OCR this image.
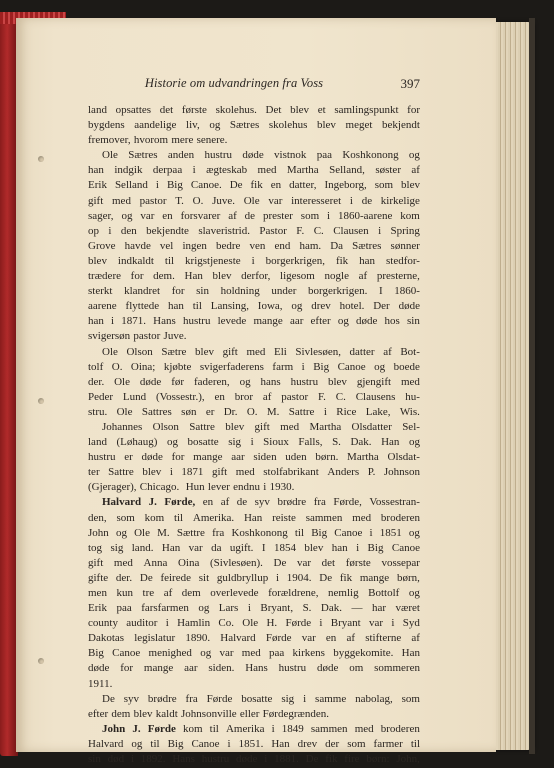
Historie om udvandringen fra Voss	397
land opsattes det første skolehus. Det blev et samlingspunkt for
bygdens aandelige liv, og Sætres skolehus blev meget bekjendt
fremover, hvorom mere senere.
Ole Sætres anden hustru døde vistnok paa Koshkonong og
han indgik derpaa i ægteskab med Martha Selland, søster af
Erik Selland i Big Canoe. De fik en datter, Ingeborg, som blev
gift med pastor T. O. Juve. Ole var interesseret i de kirkelige
sager, og var en forsvarer af de prester som i 1860-aarene kom
op i den bekjendte slaveristrid. Pastor F. C. Clausen i Spring
Grove havde vel ingen bedre ven end ham. Da Sætres sønner
blev indkaldt til krigstjeneste i borgerkrigen, fik han stedfor-
trædere for dem. Han blev derfor, ligesom nogle af presterne,
sterkt klandret for sin holdning under borgerkrigen. I 1860-
aarene flyttede han til Lansing, Iowa, og drev hotel. Der døde
han i 1871. Hans hustru levede mange aar efter og døde hos sin
svigersøn pastor Juve.
Ole Olson Sætre blev gift med Eli Sivlesøen, datter af Bot-
tolf O. Oina; kjøbte svigerfaderens farm i Big Canoe og boede
der. Ole døde før faderen, og hans hustru blev gjengift med
Peder Lund (Vossestr.), en bror af pastor F. C. Clausens hu-
stru. Ole Sattres søn er Dr. O. M. Sattre i Rice Lake, Wis.
Johannes Olson Sattre blev gift med Martha Olsdatter Sel-
land (Løhaug) og bosatte sig i Sioux Falls, S. Dak. Han og
hustru er døde for mange aar siden uden børn. Martha Olsdat-
ter Sattre blev i 1871 gift med stolfabrikant Anders P. Johnson
(Gjerager), Chicago.  Hun lever endnu i 1930.
Halvard J. Førde, en af de syv brødre fra Førde, Vossestran-
den, som kom til Amerika. Han reiste sammen med broderen
John og Ole M. Sættre fra Koshkonong til Big Canoe i 1851 og
tog sig land. Han var da ugift. I 1854 blev han i Big Canoe
gift med Anna Oina (Sivlesøen). De var det første vossepar
gifte der. De feirede sit guldbryllup i 1904. De fik mange børn,
men kun tre af dem overlevede forældrene, nemlig Bottolf og
Erik paa farsfarmen og Lars i Bryant, S. Dak. — har været
county auditor i Hamlin Co. Ole H. Førde i Bryant var i Syd
Dakotas legislatur 1890. Halvard Førde var en af stifterne af
Big Canoe menighed og var med paa kirkens byggekomite. Han
døde for mange aar siden. Hans hustru døde om sommeren
1911.
De syv brødre fra Førde bosatte sig i samme nabolag, som
efter dem blev kaldt Johnsonville eller Førdegrænden.
John J. Førde kom til Amerika i 1849 sammen med broderen
Halvard og til Big Canoe i 1851. Han drev der som farmer til
sin død i 1892. Hans hustru døde i 1881. De fik fire børn: John,
